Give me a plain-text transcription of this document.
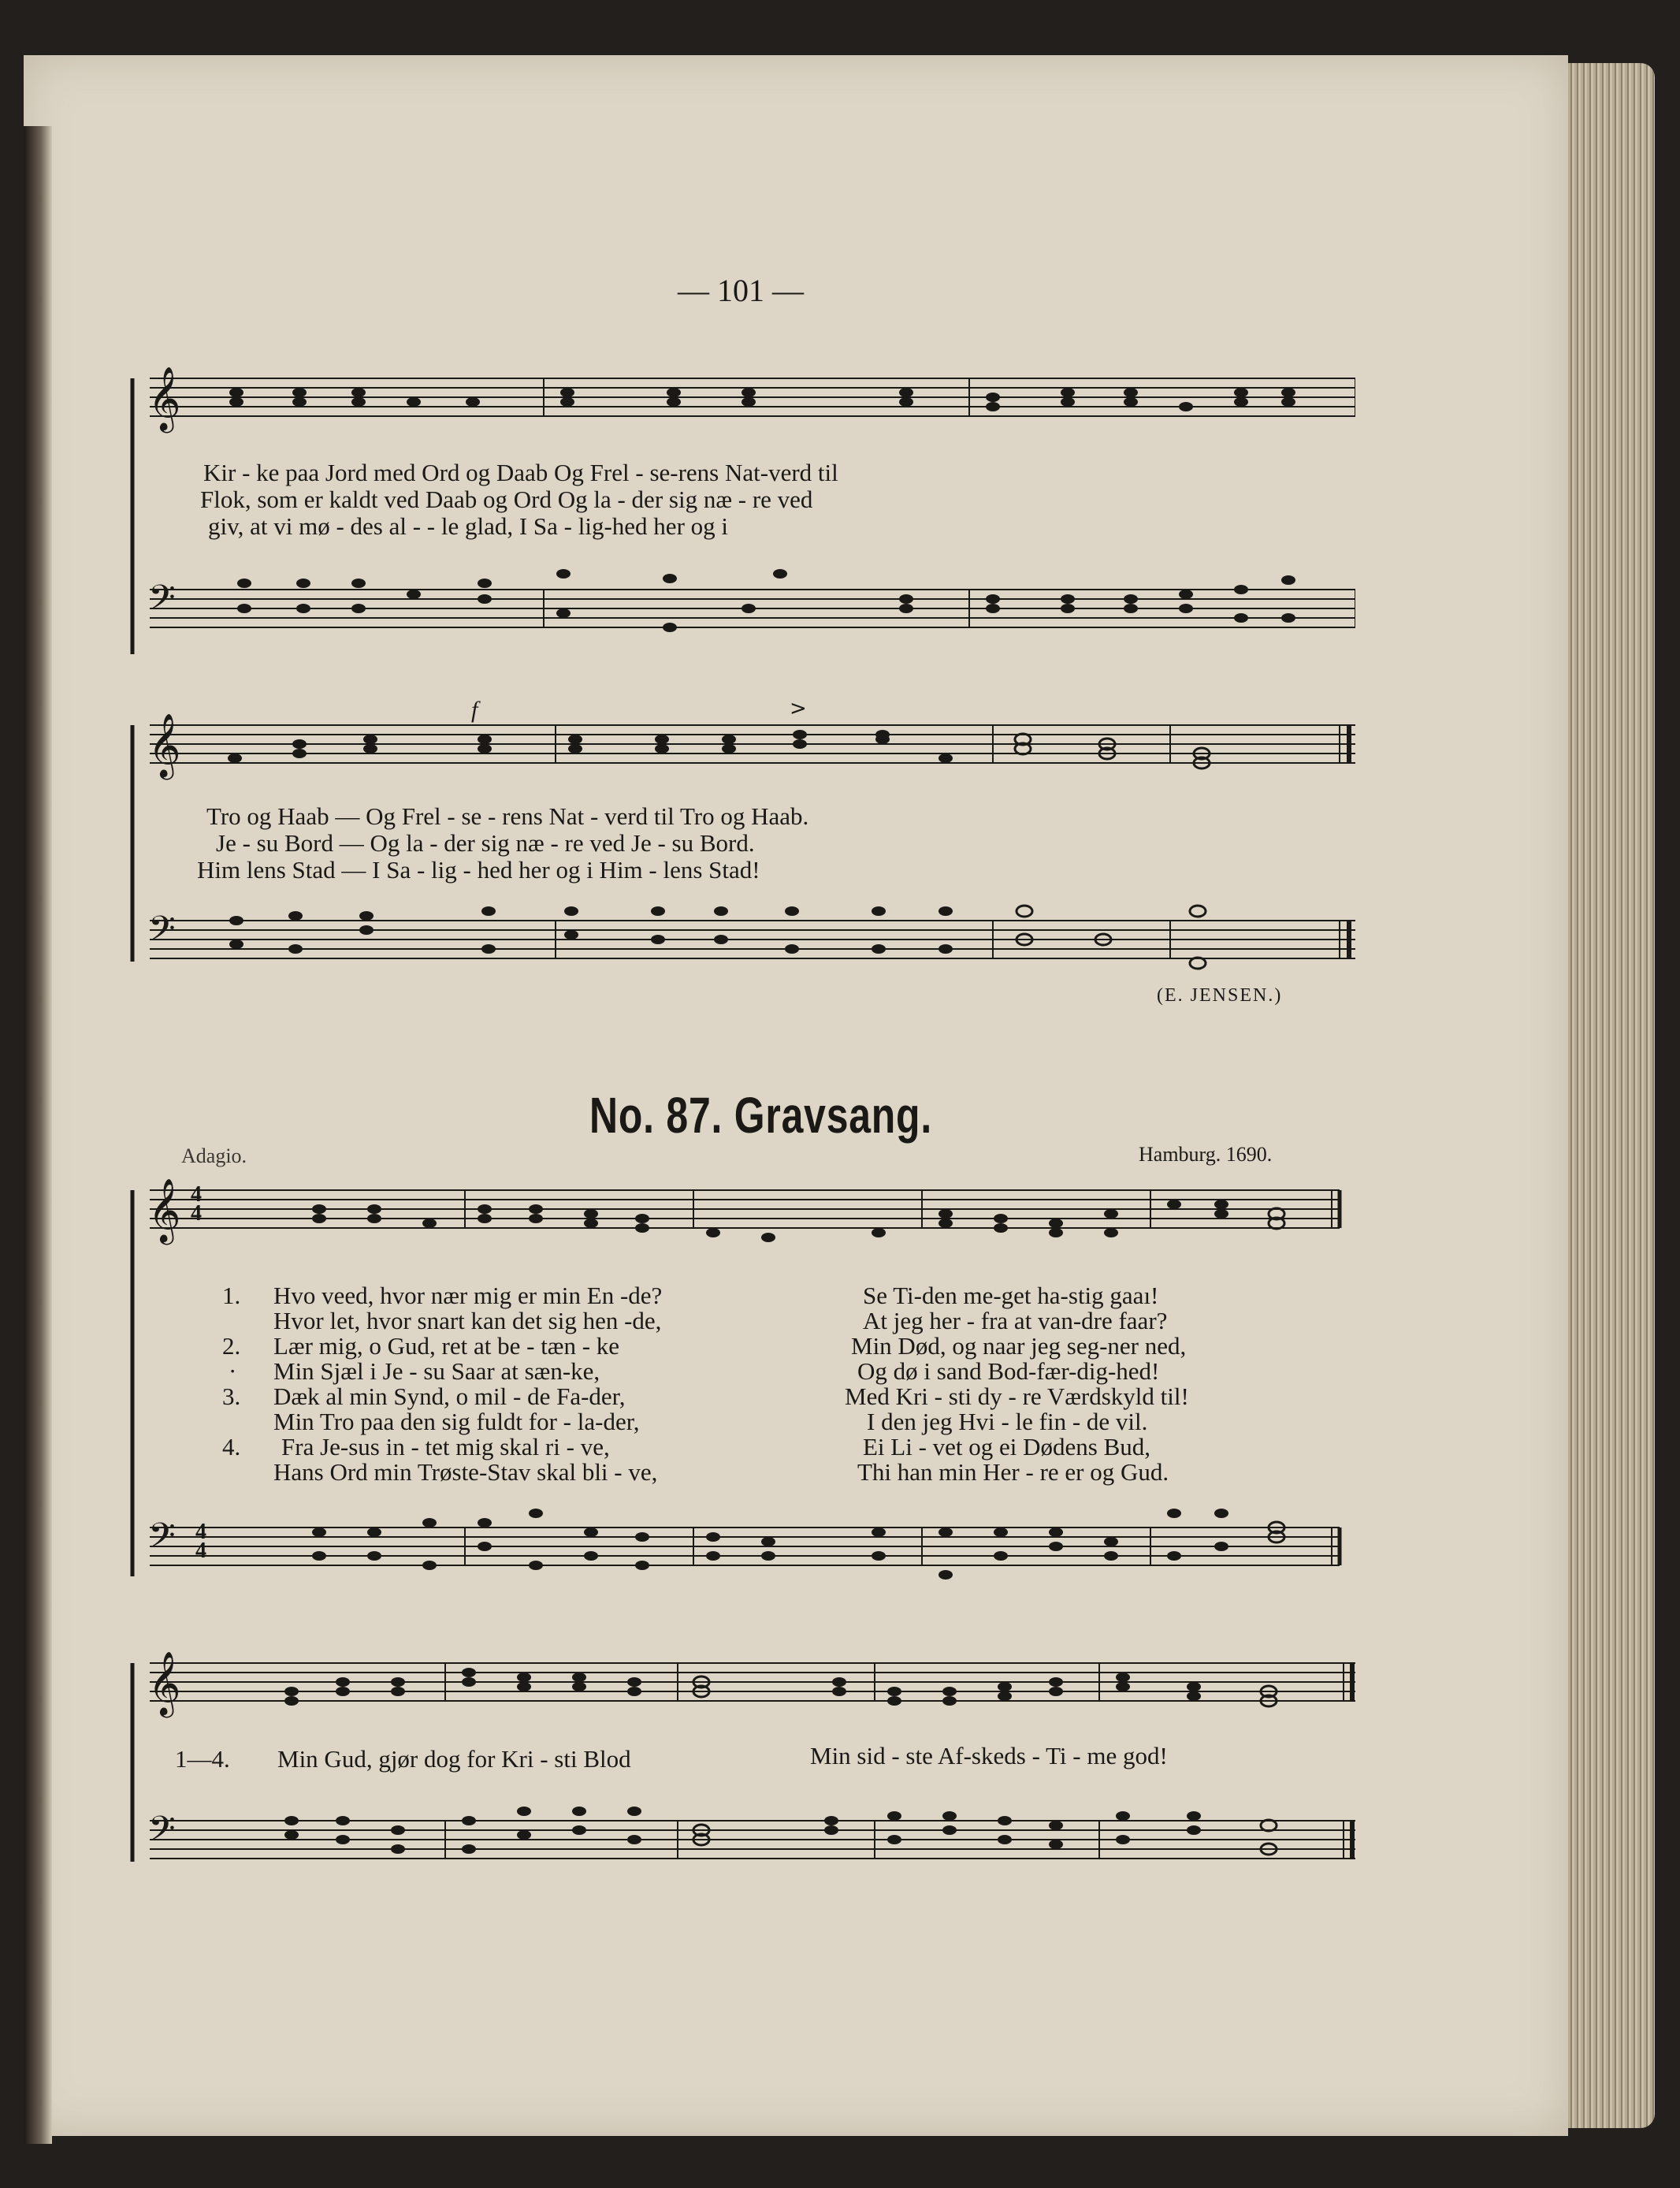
— 101 —
𝄞
𝄢
Kir - ke paa Jord med Ord og Daab Og Frel - se-rens Nat-verd til
Flok, som er kaldt ved Daab og Ord Og la - der sig næ - re ved
giv, at vi mø - des al - - le glad, I Sa - lig-hed her og i
𝄞
𝄢
f	>
Tro og Haab — Og Frel - se - rens Nat - verd til Tro og Haab.
Je - su Bord — Og la - der sig næ - re ved Je - su Bord.
Him lens Stad — I Sa - lig - hed her og i Him - lens Stad!
(E. JENSEN.)
No. 87. Gravsang.
Adagio.	Hamburg. 1690.
𝄞
𝄢
4
4
4
4
1. Hvo veed, hvor nær mig er min En -de?	Se Ti-den me-get ha-stig gaaı!
Hvor let, hvor snart kan det sig hen -de,	At jeg her - fra at van-dre faar?
2. Lær mig, o Gud, ret at be - tæn - ke	Min Død, og naar jeg seg-ner ned,
· Min Sjæl i Je - su Saar at sæn-ke,	Og dø i sand Bod-fær-dig-hed!
3. Dæk al min Synd, o mil - de Fa-der,	Med Kri - sti dy - re Værdskyld til!
Min Tro paa den sig fuldt for - la-der,	I den jeg Hvi - le fin - de vil.
4. Fra Je-sus in - tet mig skal ri - ve,	Ei Li - vet og ei Dødens Bud,
Hans Ord min Trøste-Stav skal bli - ve,	Thi han min Her - re er og Gud.
𝄞
𝄢
1—4. Min Gud, gjør dog for Kri - sti Blod	Min sid - ste Af-skeds - Ti - me god!
